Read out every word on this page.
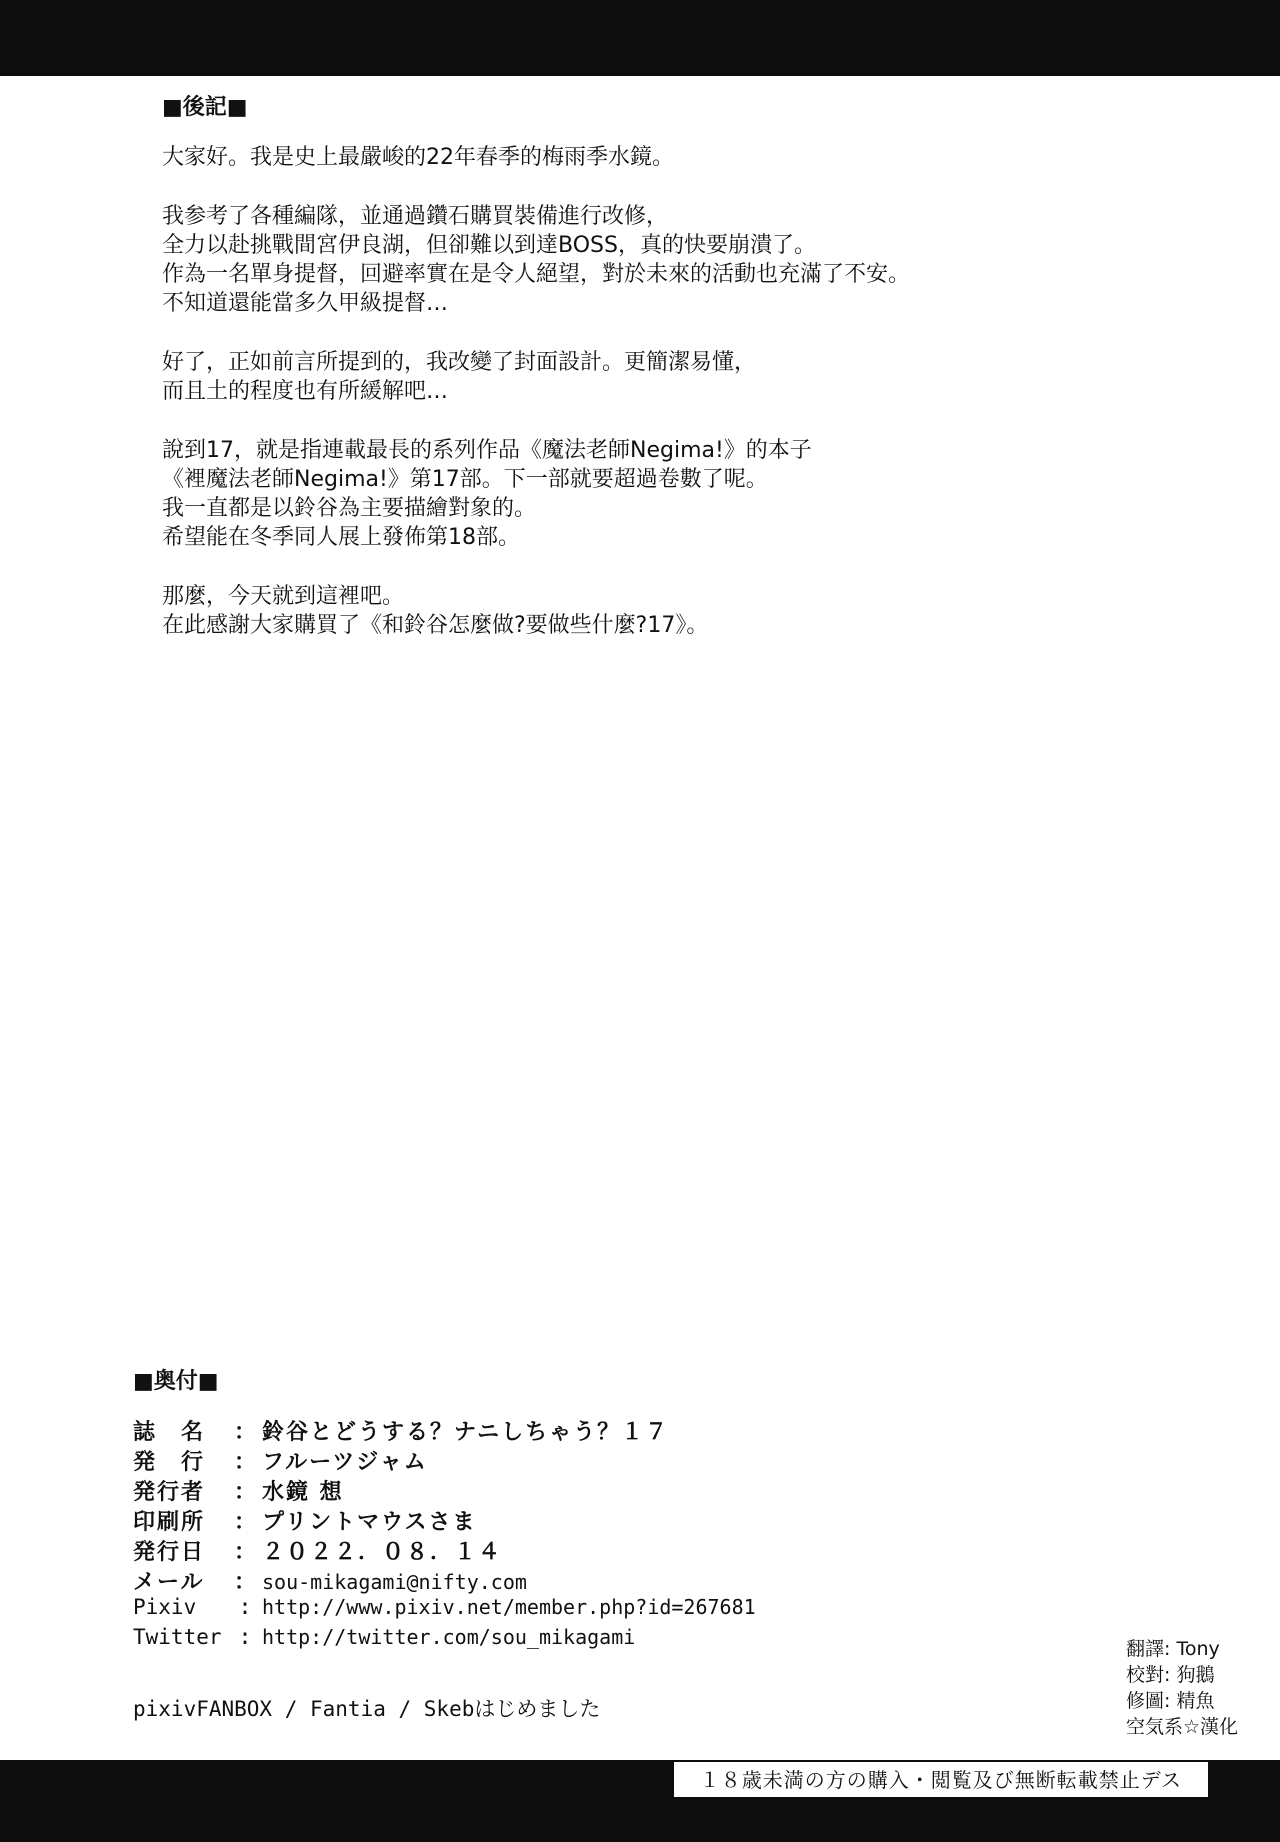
■後記■

大家好。我是史上最嚴峻的22年春季的梅雨季水鏡。

我参考了各種編隊，並通過鑽石購買裝備進行改修，

全力以赴挑戰間宮伊良湖，但卻難以到達BOSS，真的快要崩潰了。

作為一名單身提督，回避率實在是令人絕望，對於未來的活動也充滿了不安。

不知道還能當多久甲級提督…

好了，正如前言所提到的，我改變了封面設計。更簡潔易懂，

而且土的程度也有所緩解吧…

說到17，就是指連載最長的系列作品《魔法老師Negima!》的本子

《裡魔法老師Negima!》第17部。下一部就要超過卷數了呢。

我一直都是以鈴谷為主要描繪對象的。

希望能在冬季同人展上發佈第18部。

那麼，今天就到這裡吧。

在此感謝大家購買了《和鈴谷怎麼做?要做些什麼?17》。

■奥付■
誌　名	： 鈴谷とどうする？ナニしちゃう？１７
発　行	： フルーツジャム
発行者	： 水鏡 想
印刷所	： プリントマウスさま
発行日	： ２０２２．０８．１４
メール	： sou-mikagami@nifty.com
Pixiv	: http://www.pixiv.net/member.php?id=267681
Twitter : http://twitter.com/sou_mikagami
pixivFANBOX / Fantia / Skebはじめました
翻譯: Tony
校對: 狗鵝
修圖: 精魚
空気系☆漢化
１８歳未満の方の購入・閲覧及び無断転載禁止デス
